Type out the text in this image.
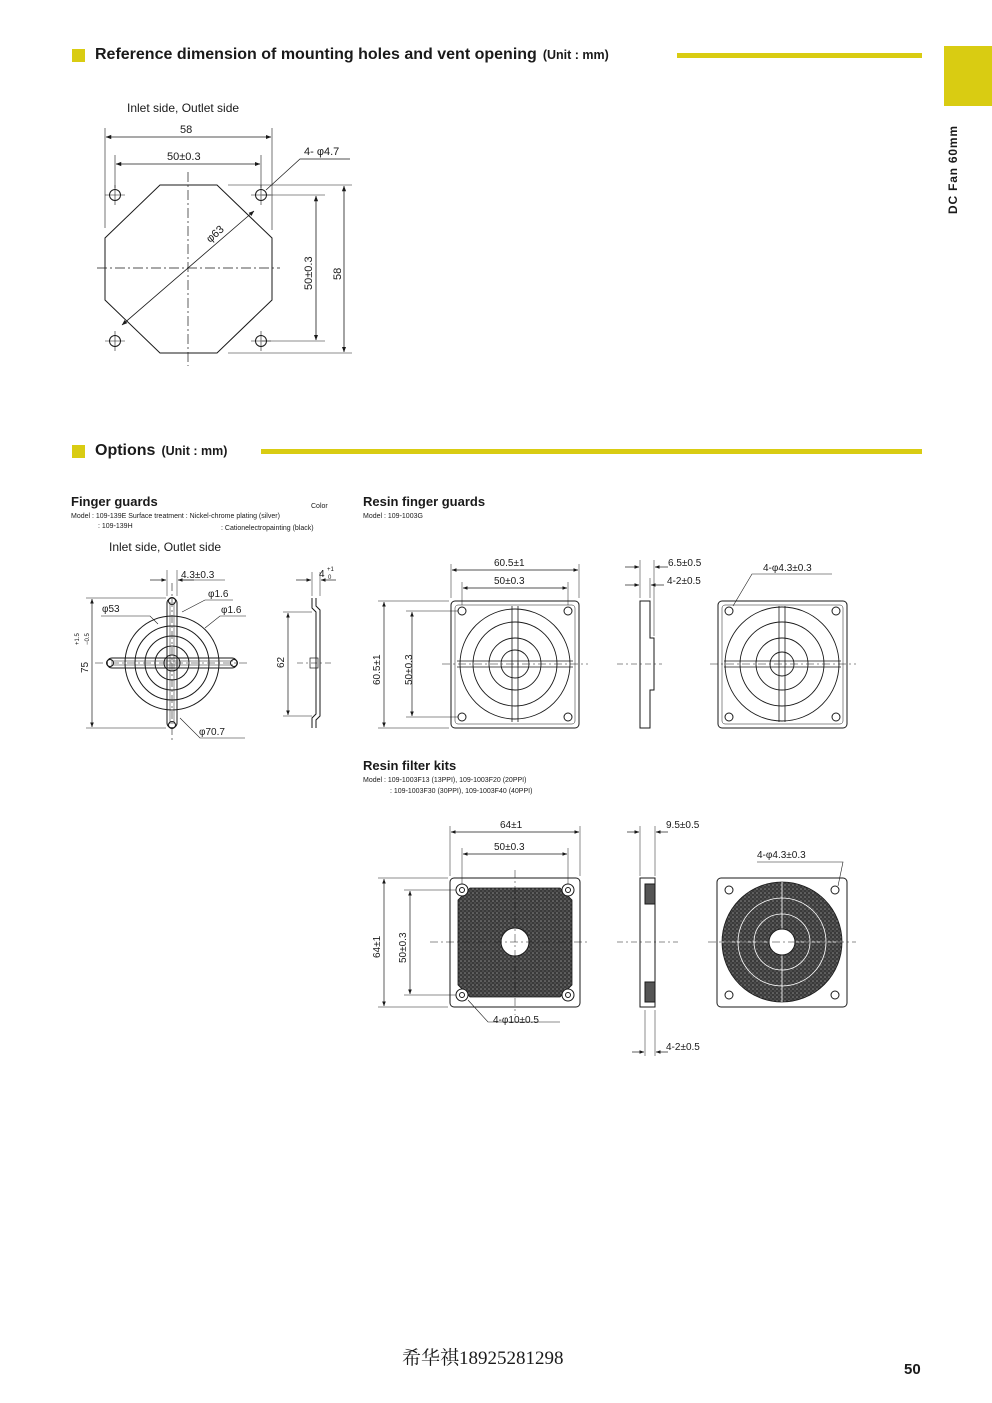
Reference dimension of mounting holes and vent opening (Unit : mm)
DC Fan 60mm
Inlet side, Outlet side
Options (Unit : mm)
Finger guards	Color
Model : 109-139E Surface treatment : Nickel-chrome plating (silver)
: 109-139H	: Cationelectropainting (black)
Inlet side, Outlet side
Resin finger guards
Model : 109-1003G
Resin filter kits
Model : 109-1003F13 (13PPI), 109-1003F20 (20PPI)
: 109-1003F30 (30PPI), 109-1003F40 (40PPI)
58
50±0.3	4- φ4.7
φ63
50±0.3 58
4.3±0.3
φ53
φ1.6
φ1.6
φ70.7
75
+1.5 −0.5
4 +1
0
62
60.5±1
50±0.3
60.5±1 50±0.3
6.5±0.5
4-2±0.5
4-φ4.3±0.3
64±1
50±0.3
64±1 50±0.3
4-φ10±0.5
9.5±0.5
4-φ4.3±0.3
4-2±0.5
希华祺18925281298
50
